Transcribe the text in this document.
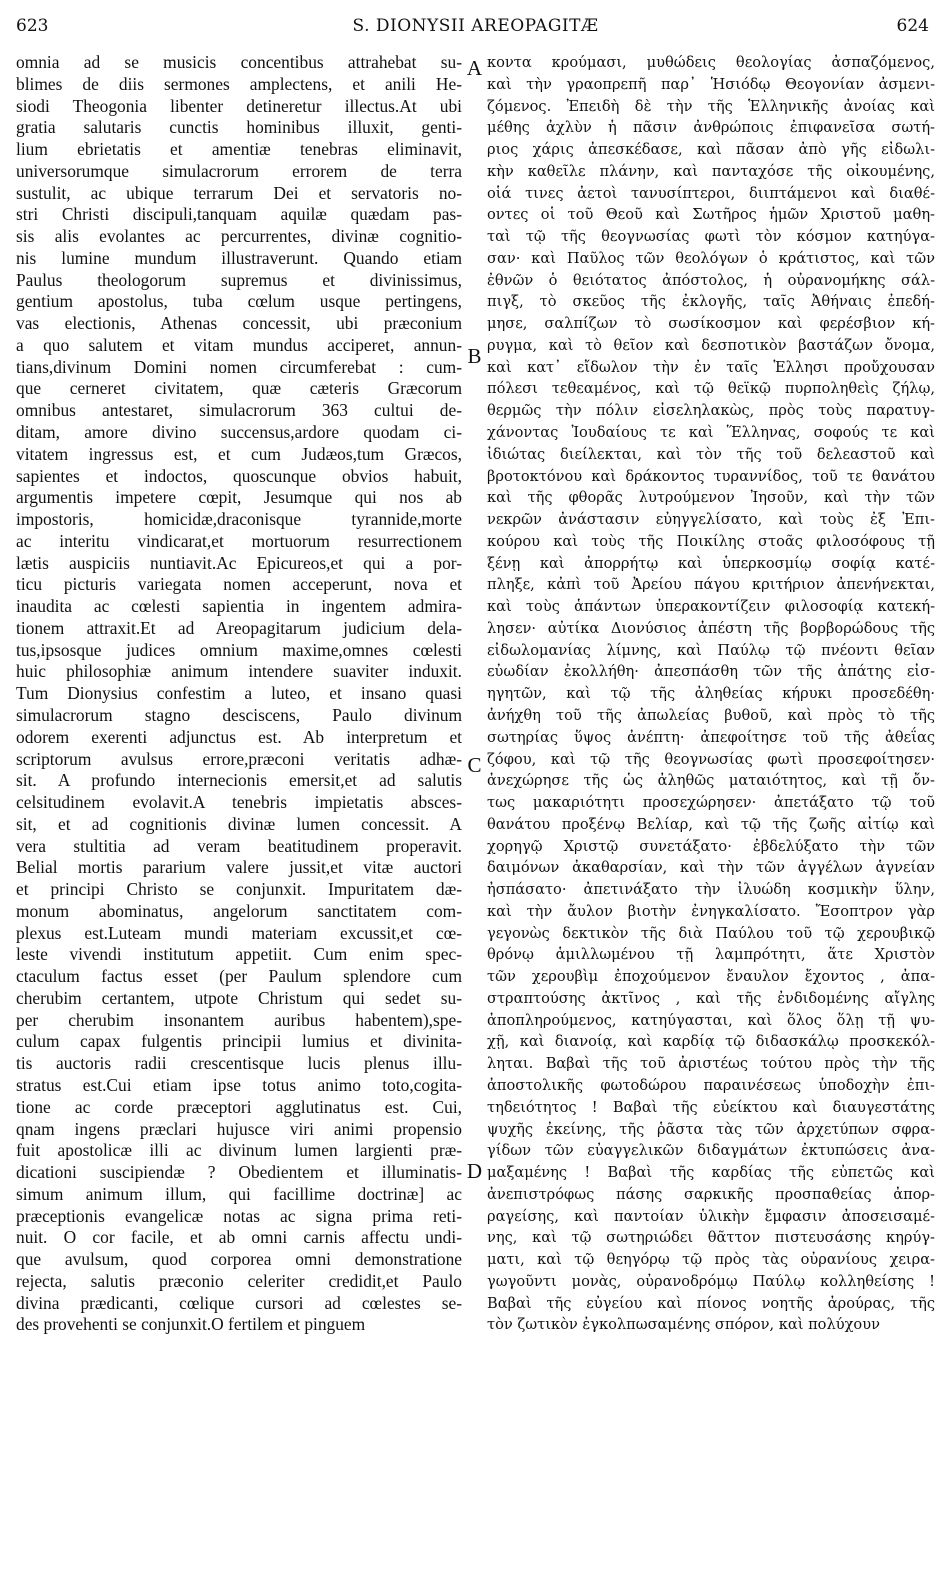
623	S. DIONYSII AREOPAGITÆ	624
omnia ad se musicis concentibus attrahebat su-
blimes de diis sermones amplectens, et anili He-
siodi Theogonia libenter detineretur illectus.At ubi
gratia salutaris cunctis hominibus illuxit, genti-
lium ebrietatis et amentiæ tenebras eliminavit,
universorumque simulacrorum errorem de terra
sustulit, ac ubique terrarum Dei et servatoris no-
stri Christi discipuli,tanquam aquilæ quædam pas-
sis alis evolantes ac percurrentes, divinæ cognitio-
nis lumine mundum illustraverunt. Quando etiam
Paulus theologorum supremus et divinissimus,
gentium apostolus, tuba cœlum usque pertingens,
vas electionis, Athenas concessit, ubi præconium
a quo salutem et vitam mundus acciperet, annun-
tians,divinum Domini nomen circumferebat : cum-
que cerneret civitatem, quæ cæteris Græcorum
omnibus antestaret, simulacrorum 363 cultui de-
ditam, amore divino succensus,ardore quodam ci-
vitatem ingressus est, et cum Judæos,tum Græcos,
sapientes et indoctos, quoscunque obvios habuit,
argumentis impetere cœpit, Jesumque qui nos ab
impostoris, homicidæ,draconisque tyrannide,morte
ac interitu vindicarat,et mortuorum resurrectionem
lætis auspiciis nuntiavit.Ac Epicureos,et qui a por-
ticu picturis variegata nomen acceperunt, nova et
inaudita ac cœlesti sapientia in ingentem admira-
tionem attraxit.Et ad Areopagitarum judicium dela-
tus,ipsosque judices omnium maxime,omnes cœlesti
huic philosophiæ animum intendere suaviter induxit.
Tum Dionysius confestim a luteo, et insano quasi
simulacrorum stagno desciscens, Paulo divinum
odorem exerenti adjunctus est. Ab interpretum et
scriptorum avulsus errore,præconi veritatis adhæ-
sit. A profundo internecionis emersit,et ad salutis
celsitudinem evolavit.A tenebris impietatis absces-
sit, et ad cognitionis divinæ lumen concessit. A
vera stultitia ad veram beatitudinem properavit.
Belial mortis pararium valere jussit,et vitæ auctori
et principi Christo se conjunxit. Impuritatem dæ-
monum abominatus, angelorum sanctitatem com-
plexus est.Luteam mundi materiam excussit,et cœ-
leste vivendi institutum appetiit. Cum enim spec-
ctaculum factus esset (per Paulum splendore cum
cherubim certantem, utpote Christum qui sedet su-
per cherubim insonantem auribus habentem),spe-
culum capax fulgentis principii lumius et divinita-
tis auctoris radii crescentisque lucis plenus illu-
stratus est.Cui etiam ipse totus animo toto,cogita-
tione ac corde præceptori agglutinatus est. Cui,
qnam ingens præclari hujusce viri animi propensio
fuit apostolicæ illi ac divinum lumen largienti præ-
dicationi suscipiendæ ? Obedientem et illuminatis-
simum animum illum, qui facillime doctrinæ] ac
præceptionis evangelicæ notas ac signa prima reti-
nuit. O cor facile, et ab omni carnis affectu undi-
que avulsum, quod corporea omni demonstratione
rejecta, salutis præconio celeriter credidit,et Paulo
divina prædicanti, cœlique cursori ad cœlestes se-
des provehenti se conjunxit.O fertilem et pinguem
A
B
C
D
κοντα κρούμασι, μυθώδεις θεολογίας ἀσπαζόμενος,
καὶ τὴν γραοπρεπῆ παρ᾽ Ἡσιόδῳ Θεογονίαν ἀσμενι-
ζόμενος. Ἐπειδὴ δὲ τὴν τῆς Ἑλληνικῆς ἀνοίας καὶ
μέθης ἀχλὺν ἡ πᾶσιν ἀνθρώποις ἐπιφανεῖσα σωτή-
ριος χάρις ἀπεσκέδασε, καὶ πᾶσαν ἀπὸ γῆς εἰδωλι-
κὴν καθεῖλε πλάνην, καὶ πανταχόσε τῆς οἰκουμένης,
οἱά τινες ἀετοὶ τανυσίπτεροι, διιπτάμενοι καὶ διαθέ-
οντες οἱ τοῦ Θεοῦ καὶ Σωτῆρος ἡμῶν Χριστοῦ μαθη-
ταὶ τῷ τῆς θεογνωσίας φωτὶ τὸν κόσμον κατηύγα-
σαν· καὶ Παῦλος τῶν θεολόγων ὁ κράτιστος, καὶ τῶν
ἐθνῶν ὁ θειότατος ἀπόστολος, ἡ οὐρανομήκης σάλ-
πιγξ, τὸ σκεῦος τῆς ἐκλογῆς, ταῖς Ἀθήναις ἐπεδή-
μησε, σαλπίζων τὸ σωσίκοσμον καὶ φερέσβιον κή-
ρυγμα, καὶ τὸ θεῖον καὶ δεσποτικὸν βαστάζων ὄνομα,
καὶ κατ᾽ εἴδωλον τὴν ἐν ταῖς Ἑλλησι προὔχουσαν
πόλεσι τεθεαμένος, καὶ τῷ θεϊκῷ πυρποληθεὶς ζήλῳ,
θερμῶς τὴν πόλιν εἰσεληλακὼς, πρὸς τοὺς παρατυγ-
χάνοντας Ἰουδαίους τε καὶ Ἕλληνας, σοφούς τε καὶ
ἰδιώτας διείλεκται, καὶ τὸν τῆς τοῦ δελεαστοῦ καὶ
βροτοκτόνου καὶ δράκοντος τυραννίδος, τοῦ τε θανάτου
καὶ τῆς φθορᾶς λυτρούμενον Ἰησοῦν, καὶ τὴν τῶν
νεκρῶν ἀνάστασιν εὐηγγελίσατο, καὶ τοὺς ἐξ Ἐπι-
κούρου καὶ τοὺς τῆς Ποικίλης στοᾶς φιλοσόφους τῇ
ξένῃ καὶ ἀπορρήτῳ καὶ ὑπερκοσμίῳ σοφίᾳ κατέ-
πληξε, κἀπὶ τοῦ Ἀρείου πάγου κριτήριον ἀπενήνεκται,
καὶ τοὺς ἁπάντων ὑπερακοντίζειν φιλοσοφίᾳ κατεκή-
λησεν· αὐτίκα Διονύσιος ἀπέστη τῆς βορβορώδους τῆς
εἰδωλομανίας λίμνης, καὶ Παύλῳ τῷ πνέοντι θεῖαν
εὐωδίαν ἐκολλήθη· ἀπεσπάσθη τῶν τῆς ἀπάτης εἰσ-
ηγητῶν, καὶ τῷ τῆς ἀληθείας κήρυκι προσεδέθη·
ἀνήχθη τοῦ τῆς ἀπωλείας βυθοῦ, καὶ πρὸς τὸ τῆς
σωτηρίας ὕψος ἀνέπτη· ἀπεφοίτησε τοῦ τῆς ἀθεΐας
ζόφου, καὶ τῷ τῆς θεογνωσίας φωτὶ προσεφοίτησεν·
ἀνεχώρησε τῆς ὡς ἀληθῶς ματαιότητος, καὶ τῇ ὄν-
τως μακαριότητι προσεχώρησεν· ἀπετάξατο τῷ τοῦ
θανάτου προξένῳ Βελίαρ, καὶ τῷ τῆς ζωῆς αἰτίῳ καὶ
χορηγῷ Χριστῷ συνετάξατο· ἐβδελύξατο τὴν τῶν
δαιμόνων ἀκαθαρσίαν, καὶ τὴν τῶν ἀγγέλων ἁγνείαν
ἠσπάσατο· ἀπετινάξατο τὴν ἰλυώδη κοσμικὴν ὕλην,
καὶ τὴν ἄυλον βιοτὴν ἐνηγκαλίσατο. Ἔσοπτρον γὰρ
γεγονὼς δεκτικὸν τῆς διὰ Παύλου τοῦ τῷ χερουβικῷ
θρόνῳ ἁμιλλωμένου τῇ λαμπρότητι, ἅτε Χριστὸν
τῶν χερουβὶμ ἐποχούμενον ἔναυλον ἔχοντος , ἀπα-
στραπτούσης ἀκτῖνος , καὶ τῆς ἐνδιδομένης αἴγλης
ἀποπληρούμενος, κατηύγασται, καὶ ὅλος ὅλῃ τῇ ψυ-
χῇ, καὶ διανοίᾳ, καὶ καρδίᾳ τῷ διδασκάλῳ προσκεκόλ-
ληται. Βαβαὶ τῆς τοῦ ἀριστέως τούτου πρὸς τὴν τῆς
ἀποστολικῆς φωτοδώρου παραινέσεως ὑποδοχὴν ἐπι-
τηδειότητος ! Βαβαὶ τῆς εὐείκτου καὶ διαυγεστάτης
ψυχῆς ἐκείνης, τῆς ῥᾶστα τὰς τῶν ἀρχετύπων σφρα-
γίδων τῶν εὐαγγελικῶν διδαγμάτων ἐκτυπώσεις ἀνα-
μαξαμένης ! Βαβαὶ τῆς καρδίας τῆς εὐπετῶς καὶ
ἀνεπιστρόφως πάσης σαρκικῆς προσπαθείας ἀπορ-
ραγείσης, καὶ παντοίαν ὑλικὴν ἔμφασιν ἀποσεισαμέ-
νης, καὶ τῷ σωτηριώδει θᾶττον πιστευσάσης κηρύγ-
ματι, καὶ τῷ θεηγόρῳ τῷ πρὸς τὰς οὐρανίους χειρα-
γωγοῦντι μονὰς, οὐρανοδρόμῳ Παύλῳ κολληθείσης !
Βαβαὶ τῆς εὐγείου καὶ πίονος νοητῆς ἀρούρας, τῆς
τὸν ζωτικὸν ἐγκολπωσαμένης σπόρον, καὶ πολύχουν
